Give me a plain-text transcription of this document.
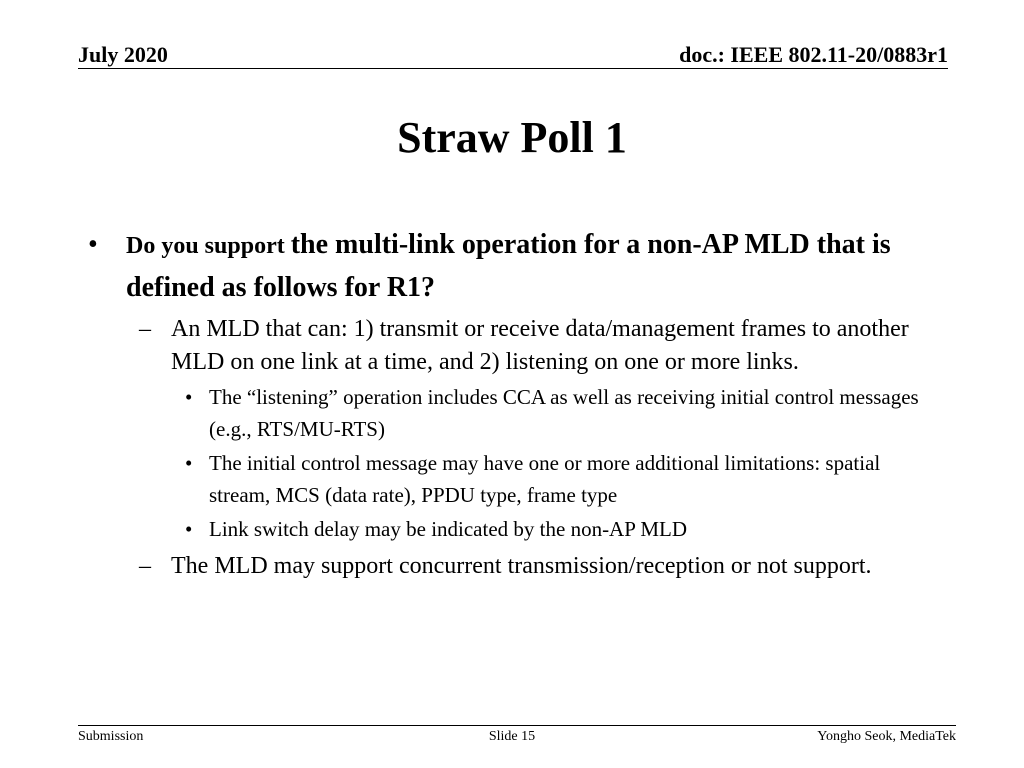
July 2020	doc.: IEEE 802.11-20/0883r1
Straw Poll 1
• Do you support the multi-link operation for a non-AP MLD that is defined as follows for R1?
– An MLD that can: 1) transmit or receive data/management frames to another MLD on one link at a time, and 2) listening on one or more links.
• The “listening” operation includes CCA as well as receiving initial control messages (e.g., RTS/MU-RTS)
• The initial control message may have one or more additional limitations: spatial stream, MCS (data rate), PPDU type, frame type
• Link switch delay may be indicated by the non-AP MLD
– The MLD may support concurrent transmission/reception or not support.
Submission	Slide 15	Yongho Seok, MediaTek
